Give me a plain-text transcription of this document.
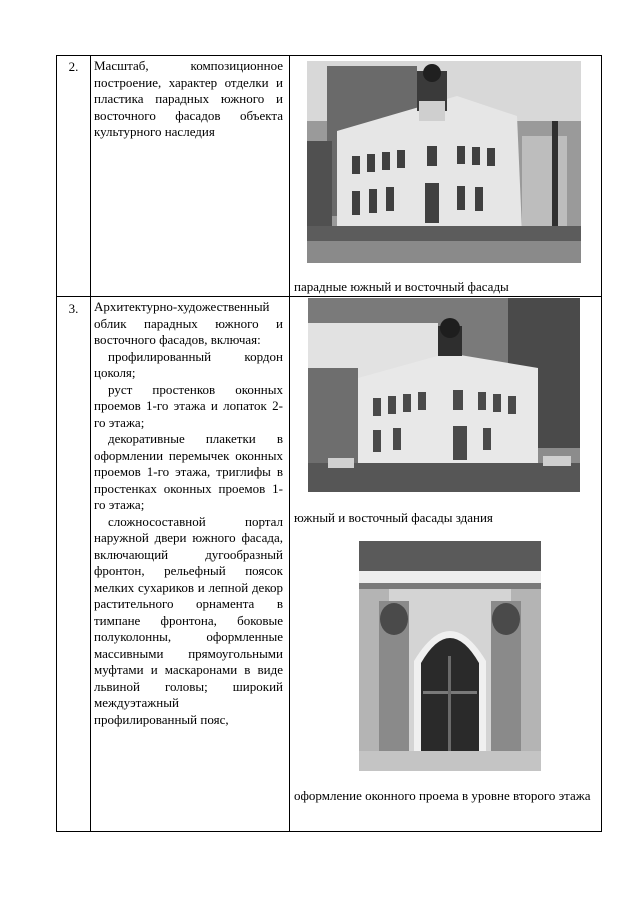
2.	Масштаб, композиционное построение, характер отделки и пластика парадных южного и восточного фасадов объекта культурного наследия

парадные южный и восточный фасады
3.	Архитектурно-художественный облик парадных южного и восточного фасадов, включая:

профилированный кордон цоколя;

руст простенков оконных проемов 1-го этажа и лопаток 2-го этажа;

декоративные плакетки в оформлении перемычек оконных проемов 1-го этажа, триглифы в простенках оконных проемов 1-го этажа;

сложносоставной портал наружной двери южного фасада, включающий дугообразный фронтон, рельефный поясок мелких сухариков и лепной декор растительного орнамента в тимпане фронтона, боковые полуколонны, оформленные массивными прямоугольными муфтами и маскаронами в виде львиной головы; широкий междуэтажный профилированный пояс,

южный и восточный фасады здания
оформление оконного проема в уровне второго этажа
